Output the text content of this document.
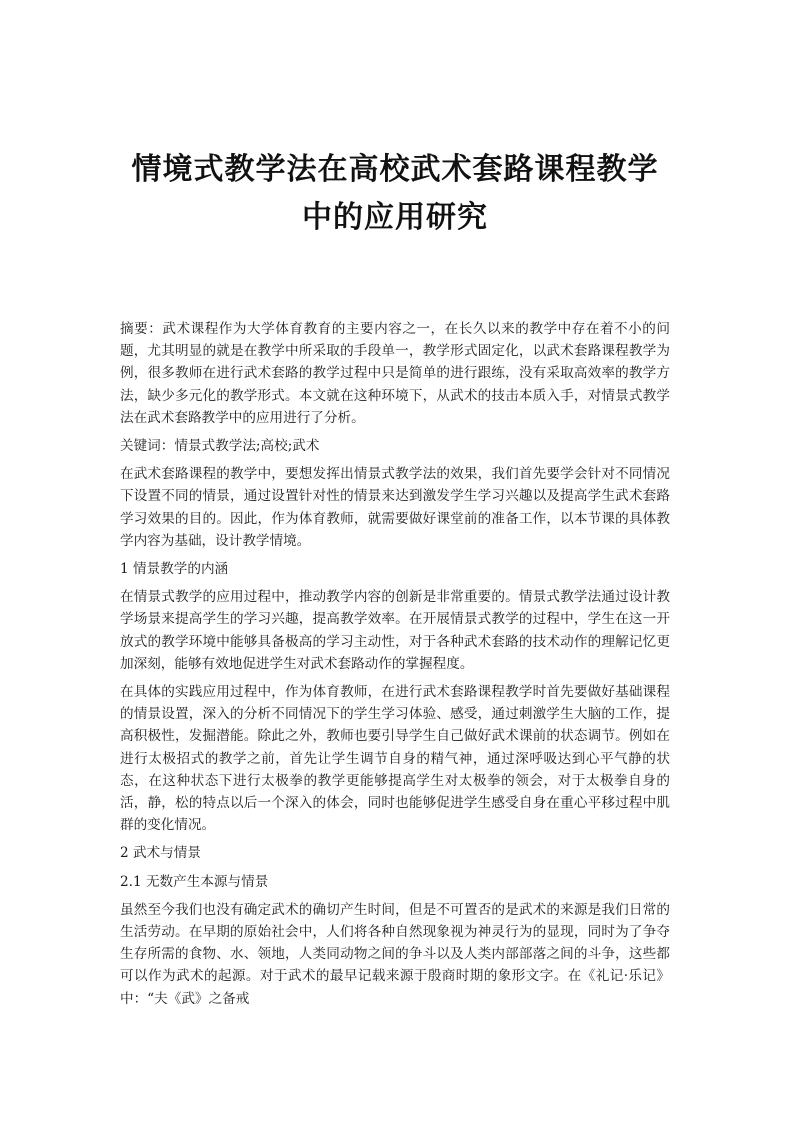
情境式教学法在高校武术套路课程教学
中的应用研究

摘要：武术课程作为大学体育教育的主要内容之一，在长久以来的教学中存在着不小的问题，尤其明显的就是在教学中所采取的手段单一，教学形式固定化，以武术套路课程教学为例，很多教师在进行武术套路的教学过程中只是简单的进行跟练，没有采取高效率的教学方法，缺少多元化的教学形式。本文就在这种环境下，从武术的技击本质入手，对情景式教学法在武术套路教学中的应用进行了分析。

关键词：情景式教学法;高校;武术

在武术套路课程的教学中，要想发挥出情景式教学法的效果，我们首先要学会针对不同情况下设置不同的情景，通过设置针对性的情景来达到激发学生学习兴趣以及提高学生武术套路学习效果的目的。因此，作为体育教师，就需要做好课堂前的准备工作，以本节课的具体教学内容为基础，设计教学情境。

1 情景教学的内涵

在情景式教学的应用过程中，推动教学内容的创新是非常重要的。情景式教学法通过设计教学场景来提高学生的学习兴趣，提高教学效率。在开展情景式教学的过程中，学生在这一开放式的教学环境中能够具备极高的学习主动性，对于各种武术套路的技术动作的理解记忆更加深刻，能够有效地促进学生对武术套路动作的掌握程度。

在具体的实践应用过程中，作为体育教师，在进行武术套路课程教学时首先要做好基础课程的情景设置，深入的分析不同情况下的学生学习体验、感受，通过刺激学生大脑的工作，提高积极性，发掘潜能。除此之外，教师也要引导学生自己做好武术课前的状态调节。例如在进行太极招式的教学之前，首先让学生调节自身的精气神，通过深呼吸达到心平气静的状态，在这种状态下进行太极拳的教学更能够提高学生对太极拳的领会，对于太极拳自身的活，静，松的特点以后一个深入的体会，同时也能够促进学生感受自身在重心平移过程中肌群的变化情况。

2 武术与情景

2.1 无数产生本源与情景

虽然至今我们也没有确定武术的确切产生时间，但是不可置否的是武术的来源是我们日常的生活劳动。在早期的原始社会中，人们将各种自然现象视为神灵行为的显现，同时为了争夺生存所需的食物、水、领地，人类同动物之间的争斗以及人类内部部落之间的斗争，这些都可以作为武术的起源。对于武术的最早记载来源于殷商时期的象形文字。在《礼记·乐记》中：“夫《武》之备戒
